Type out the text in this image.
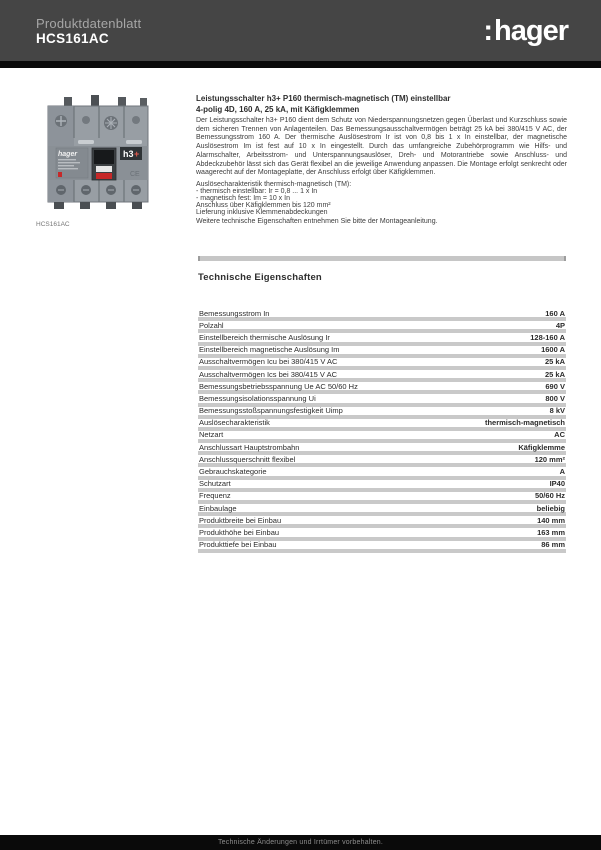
Produktdatenblatt
HCS161AC	:hager
hager	h3 +
CE
HCS161AC
Leistungsschalter h3+ P160 thermisch-magnetisch (TM) einstellbar
4-polig 4D, 160 A, 25 kA, mit Käfigklemmen

Der Leistungsschalter h3+ P160 dient dem Schutz von Niederspannungsnetzen gegen Überlast und Kurzschluss sowie dem sicheren Trennen von Anlagenteilen. Das Bemessungsausschaltvermögen beträgt 25 kA bei 380/415 V AC, der Bemessungsstrom 160 A. Der thermische Auslösestrom Ir ist von 0,8 bis 1 x In einstellbar, der magnetische Auslösestrom Im ist fest auf 10 x In eingestellt. Durch das umfangreiche Zubehörprogramm wie Hilfs- und Alarmschalter, Arbeitsstrom- und Unterspannungsauslöser, Dreh- und Motorantriebe sowie Anschluss- und Abdeckzubehör lässt sich das Gerät flexibel an die jeweilige Anwendung anpassen. Die Montage erfolgt senkrecht oder waagerecht auf der Montageplatte, der Anschluss erfolgt über Käfigklemmen.

Auslösecharakteristik thermisch-magnetisch (TM):
- thermisch einstellbar: Ir = 0,8 ... 1 x In
- magnetisch fest: Im = 10 x In
Anschluss über Käfigklemmen bis 120 mm²
Lieferung inklusive Klemmenabdeckungen
Weitere technische Eigenschaften entnehmen Sie bitte der Montageanleitung.
Technische Eigenschaften
Bemessungsstrom In	160 A
Polzahl	4P
Einstellbereich thermische Auslösung Ir	128-160 A
Einstellbereich magnetische Auslösung Im	1600 A
Ausschaltvermögen Icu bei 380/415 V AC	25 kA
Ausschaltvermögen Ics bei 380/415 V AC	25 kA
Bemessungsbetriebsspannung Ue AC 50/60 Hz	690 V
Bemessungsisolationsspannung Ui	800 V
Bemessungsstoßspannungsfestigkeit Uimp	8 kV
Auslösecharakteristik	thermisch-magnetisch
Netzart	AC
Anschlussart Hauptstrombahn	Käfigklemme
Anschlussquerschnitt flexibel	120 mm²
Gebrauchskategorie	A
Schutzart	IP40
Frequenz	50/60 Hz
Einbaulage	beliebig
Produktbreite bei Einbau	140 mm
Produkthöhe bei Einbau	163 mm
Produkttiefe bei Einbau	86 mm
Technische Änderungen und Irrtümer vorbehalten.
